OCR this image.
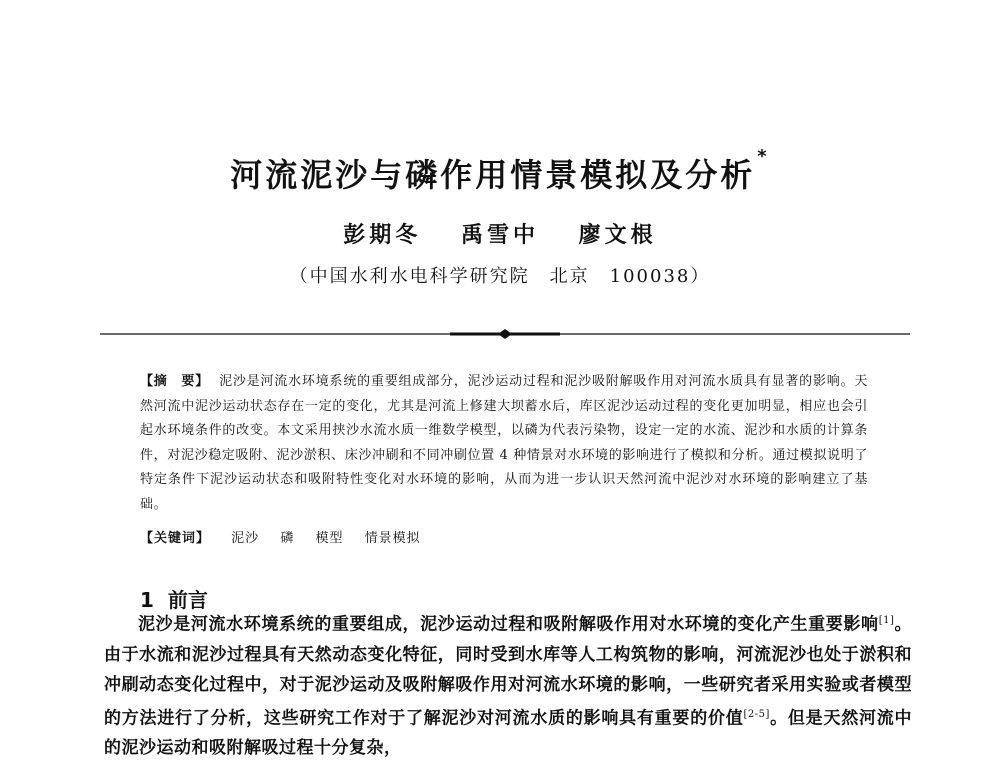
河流泥沙与磷作用情景模拟及分析 *
彭期冬 禹雪中 廖文根
（中国水利水电科学研究院　北京　100038）
【摘　要】 泥沙是河流水环境系统的重要组成部分，泥沙运动过程和泥沙吸附解吸作用对河流水质具有显著的影响。天然河流中泥沙运动状态存在一定的变化，尤其是河流上修建大坝蓄水后，库区泥沙运动过程的变化更加明显，相应也会引起水环境条件的改变。本文采用挟沙水流水质一维数学模型，以磷为代表污染物，设定一定的水流、泥沙和水质的计算条件，对泥沙稳定吸附、泥沙淤积、床沙冲刷和不同冲刷位置 4 种情景对水环境的影响进行了模拟和分析。通过模拟说明了特定条件下泥沙运动状态和吸附特性变化对水环境的影响，从而为进一步认识天然河流中泥沙对水环境的影响建立了基础。
【关键词】 泥沙 磷 模型 情景模拟
1 前言
泥沙是河流水环境系统的重要组成，泥沙运动过程和吸附解吸作用对水环境的变化产生重要影响[1]。由于水流和泥沙过程具有天然动态变化特征，同时受到水库等人工构筑物的影响，河流泥沙也处于淤积和冲刷动态变化过程中，对于泥沙运动及吸附解吸作用对河流水环境的影响，一些研究者采用实验或者模型的方法进行了分析，这些研究工作对于了解泥沙对河流水质的影响具有重要的价值[2-5]。但是天然河流中的泥沙运动和吸附解吸过程十分复杂，
